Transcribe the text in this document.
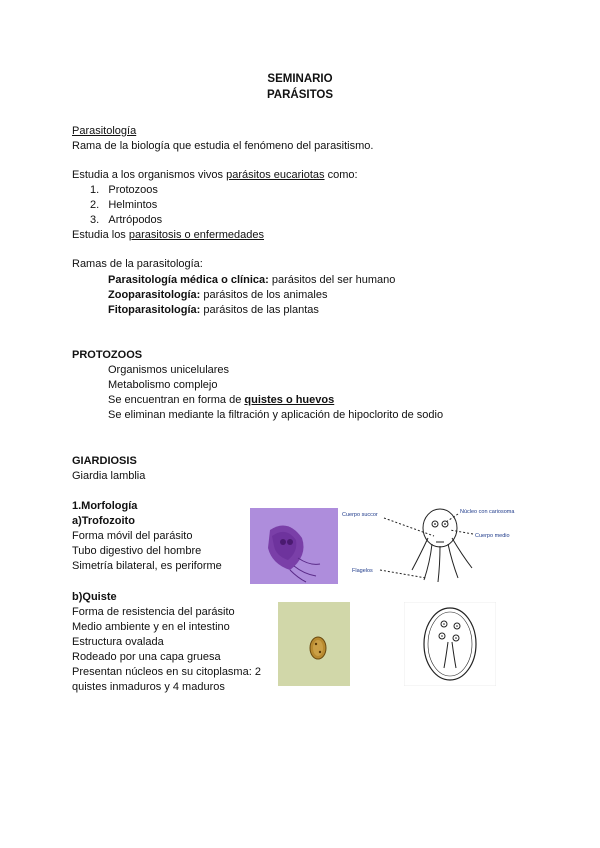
SEMINARIO
PARÁSITOS
Parasitología
Rama de la biología que estudia el fenómeno del parasitismo.
Estudia a los organismos vivos parásitos eucariotas como:
1. Protozoos
2. Helmintos
3. Artrópodos
Estudia los parasitosis o enfermedades
Ramas de la parasitología:
Parasitología médica o clínica: parásitos del ser humano
Zooparasitología: parásitos de los animales
Fitoparasitología: parásitos de las plantas
PROTOZOOS
Organismos unicelulares
Metabolismo complejo
Se encuentran en forma de quistes o huevos
Se eliminan mediante la filtración y aplicación de hipoclorito de sodio
GIARDIOSIS
Giardia lamblia
1.Morfología
a)Trofozoito
Forma móvil del parásito
Tubo digestivo del hombre
Simetría bilateral, es periforme
b)Quiste
Forma de resistencia del parásito
Medio ambiente y en el intestino
Estructura ovalada
Rodeado por una capa gruesa
Presentan núcleos en su citoplasma: 2
quistes inmaduros y 4 maduros
Cuerpo succor	Núcleo con cariosoma
Cuerpo medio
Flagelos
